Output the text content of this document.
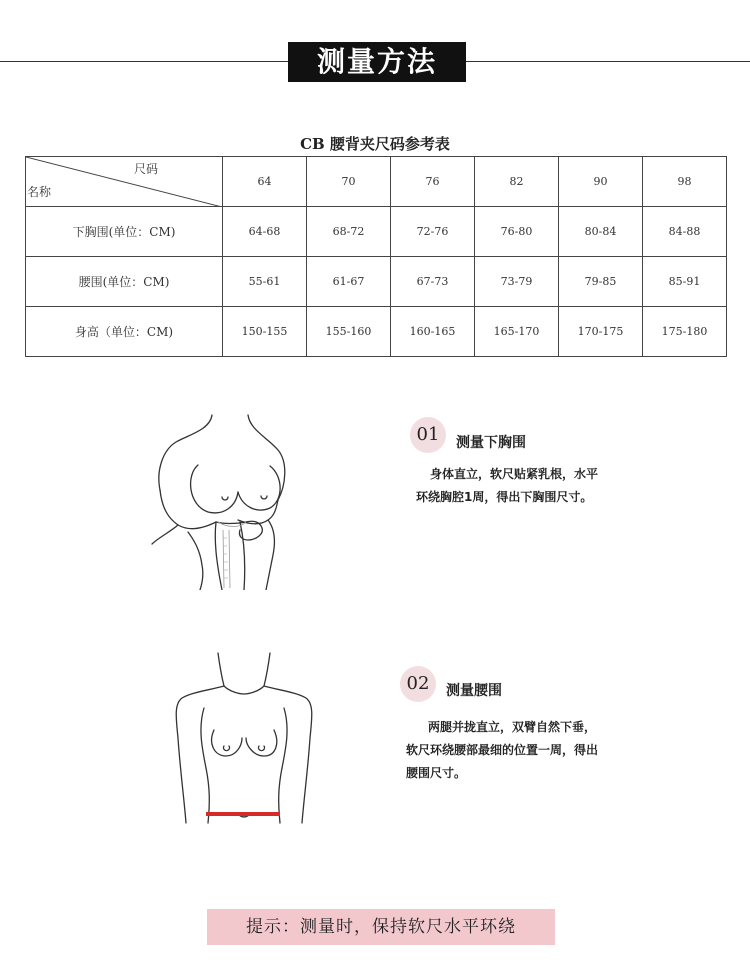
测量方法
CB 腰背夹尺码参考表
尺码
名称	64	70	76	82	90	98
下胸围(单位：CM)	64-68	68-72	72-76	76-80	80-84	84-88
腰围(单位：CM)	55-61	61-67	67-73	73-79	79-85	85-91
身高（单位：CM)	150-155	155-160	160-165	165-170	170-175	175-180
01	测量下胸围
身体直立，软尺贴紧乳根，水平
环绕胸腔1周，得出下胸围尺寸。
02	测量腰围
两腿并拢直立，双臂自然下垂，
软尺环绕腰部最细的位置一周，得出
腰围尺寸。
提示：测量时，保持软尺水平环绕
